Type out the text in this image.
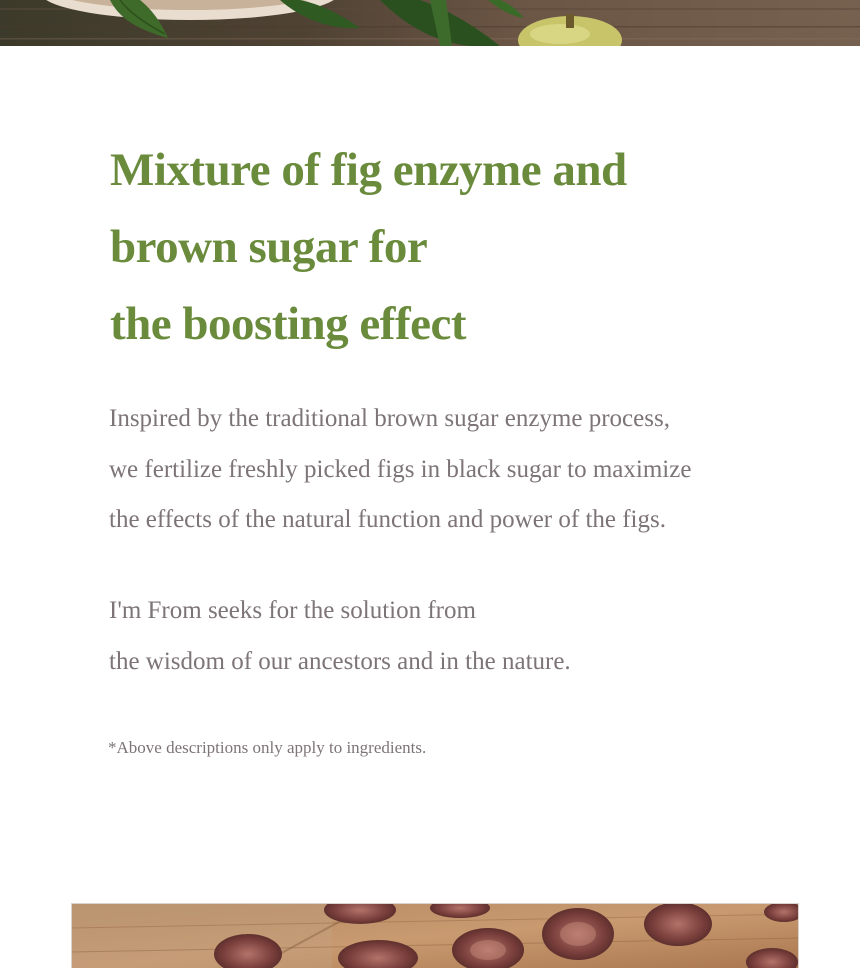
Mixture of fig enzyme and
brown sugar for
the boosting effect

Inspired by the traditional brown sugar enzyme process,
we fertilize freshly picked figs in black sugar to maximize
the effects of the natural function and power of the figs.

I'm From seeks for the solution from
the wisdom of our ancestors and in the nature.

*Above descriptions only apply to ingredients.
